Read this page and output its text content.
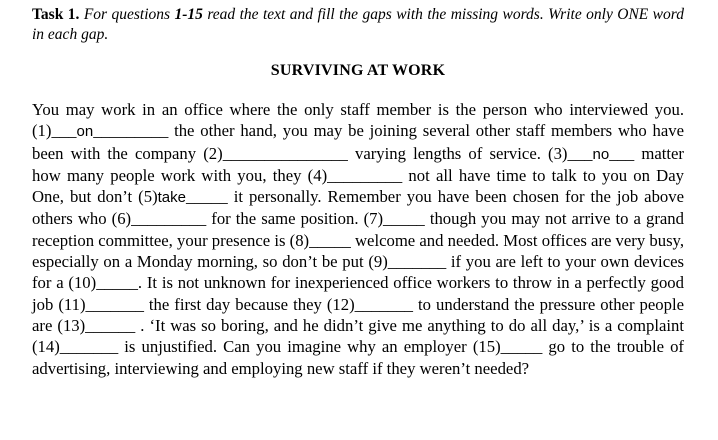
Task 1. For questions 1-15 read the text and fill the gaps with the missing words. Write only ONE word in each gap.
SURVIVING AT WORK
You may work in an office where the only staff member is the person who interviewed you. (1)___on_________ the other hand, you may be joining several other staff members who have been with the company (2)_______________ varying lengths of service. (3)___no___ matter how many people work with you, they (4)_________ not all have time to talk to you on Day One, but don’t (5)take_____ it personally. Remember you have been chosen for the job above others who (6)_________ for the same position. (7)_____ though you may not arrive to a grand reception committee, your presence is (8)_____ welcome and needed. Most offices are very busy, especially on a Monday morning, so don’t be put (9)_______ if you are left to your own devices for a (10)_____. It is not unknown for inexperienced office workers to throw in a perfectly good job (11)_______ the first day because they (12)_______ to understand the pressure other people are (13)______ . ‘It was so boring, and he didn’t give me anything to do all day,’ is a complaint (14)_______ is unjustified. Can you imagine why an employer (15)_____ go to the trouble of advertising, interviewing and employing new staff if they weren’t needed?
